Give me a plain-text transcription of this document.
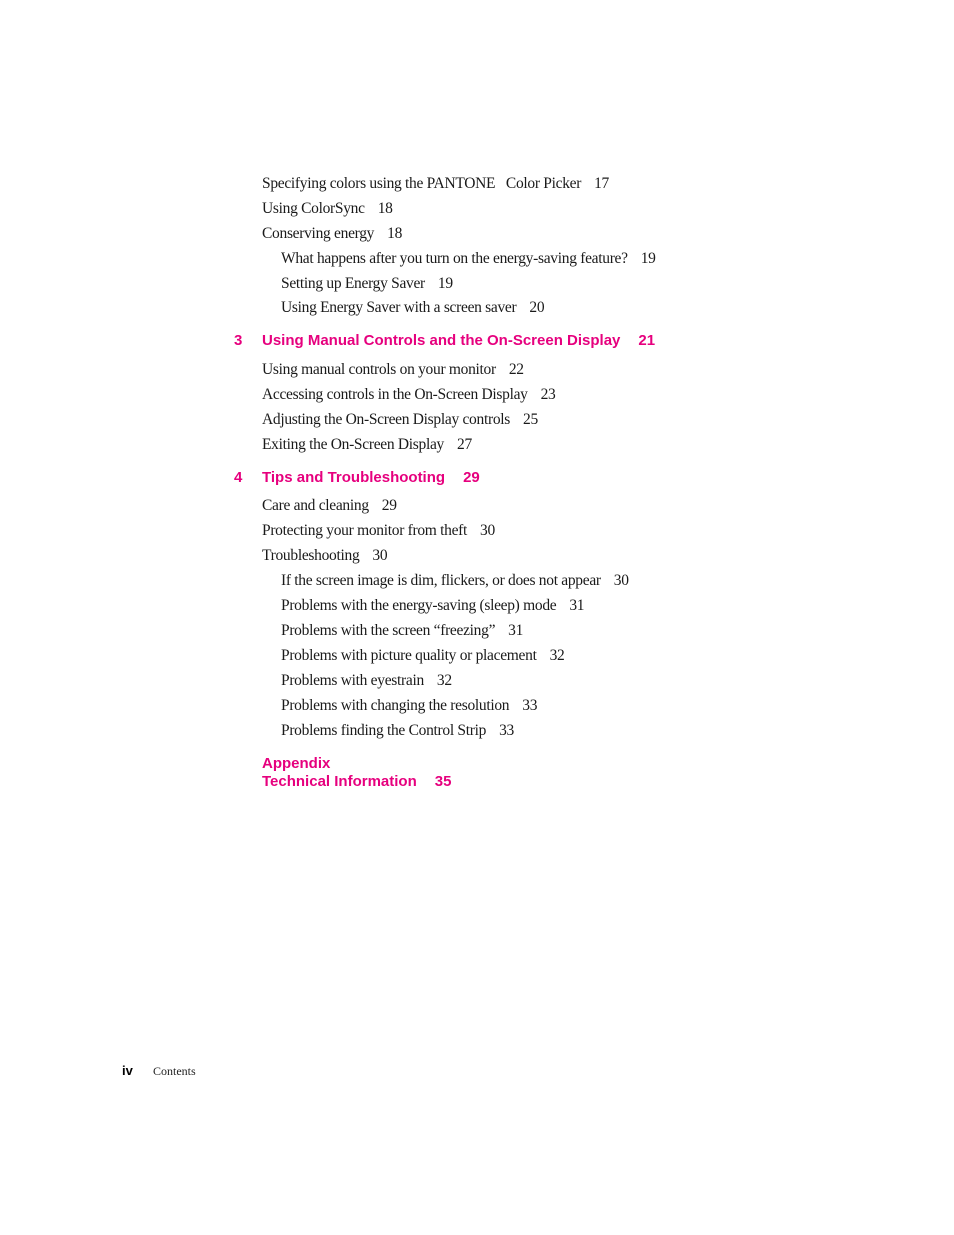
Specifying colors using the PANTONE   Color Picker 17
Using ColorSync 18
Conserving energy 18
What happens after you turn on the energy-saving feature? 19
Setting up Energy Saver 19
Using Energy Saver with a screen saver 20
3 Using Manual Controls and the On-Screen Display 21
Using manual controls on your monitor 22
Accessing controls in the On-Screen Display 23
Adjusting the On-Screen Display controls 25
Exiting the On-Screen Display 27
4 Tips and Troubleshooting 29
Care and cleaning 29
Protecting your monitor from theft 30
Troubleshooting 30
If the screen image is dim, flickers, or does not appear 30
Problems with the energy-saving (sleep) mode 31
Problems with the screen “freezing” 31
Problems with picture quality or placement 32
Problems with eyestrain 32
Problems with changing the resolution 33
Problems finding the Control Strip 33
Appendix
Technical Information 35
iv Contents
